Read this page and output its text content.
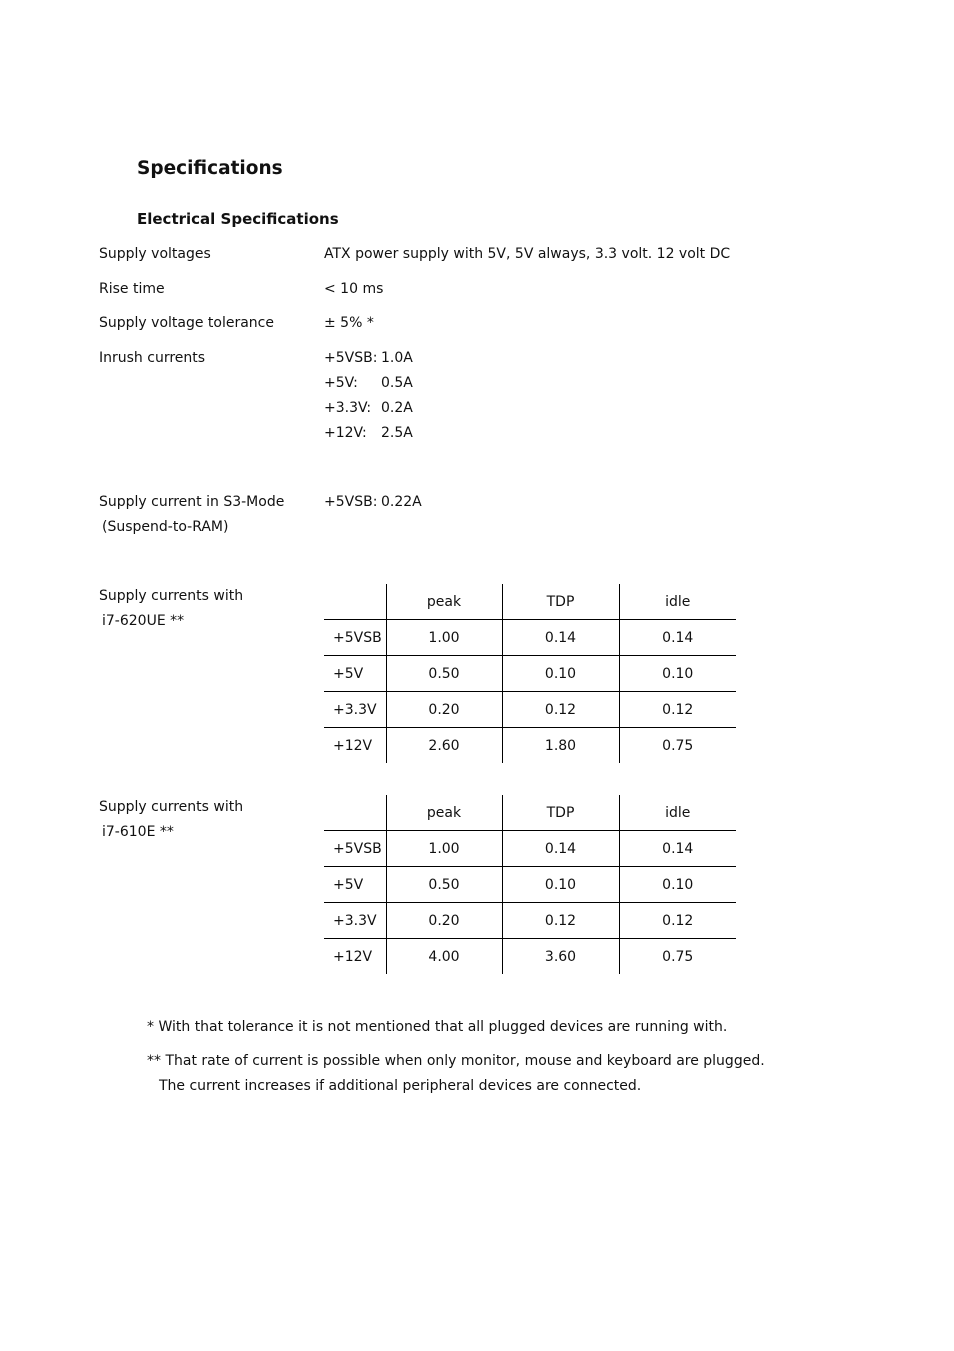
Specifications
Electrical Specifications
Supply voltages	ATX power supply with 5V, 5V always, 3.3 volt. 12 volt DC
Rise time	< 10 ms
Supply voltage tolerance	± 5% *
Inrush currents	+5VSB: 1.0A
+5V: 0.5A
+3.3V: 0.2A
+12V: 2.5A
Supply current in S3-Mode
(Suspend-to-RAM)
+5VSB: 0.22A
Supply currents with
i7-620UE **
	peak	TDP	idle
+5VSB	1.00	0.14	0.14
+5V	0.50	0.10	0.10
+3.3V	0.20	0.12	0.12
+12V	2.60	1.80	0.75
Supply currents with
i7-610E **
	peak	TDP	idle
+5VSB	1.00	0.14	0.14
+5V	0.50	0.10	0.10
+3.3V	0.20	0.12	0.12
+12V	4.00	3.60	0.75
* With that tolerance it is not mentioned that all plugged devices are running with.
** That rate of current is possible when only monitor, mouse and keyboard are plugged.
The current increases if additional peripheral devices are connected.
